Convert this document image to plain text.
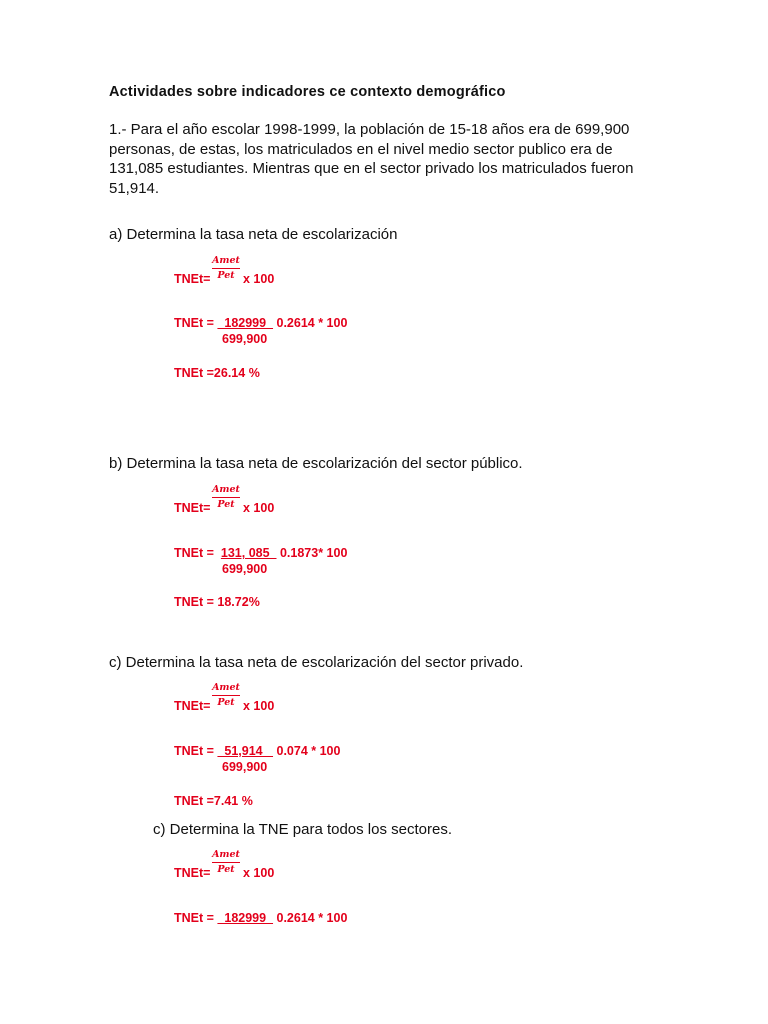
Actividades sobre indicadores ce contexto demográfico
1.- Para el año escolar 1998-1999, la población de 15-18 años era de 699,900
personas, de estas, los matriculados en el nivel medio sector publico era de
131,085 estudiantes. Mientras que en el sector privado los matriculados fueron
51,914.
a) Determina la tasa neta de escolarización
TNEt=
Amet
Pet x 100
TNEt =   182999   0.2614 * 100
699,900
TNEt =26.14 %
b) Determina la tasa neta de escolarización del sector público.
TNEt=
Amet
Pet x 100
TNEt =  131, 085   0.1873* 100
699,900
TNEt = 18.72%
c) Determina la tasa neta de escolarización del sector privado.
TNEt=
Amet
Pet x 100
TNEt =   51,914    0.074 * 100
699,900
TNEt =7.41 %
c) Determina la TNE para todos los sectores.
TNEt=
Amet
Pet x 100
TNEt =   182999   0.2614 * 100
